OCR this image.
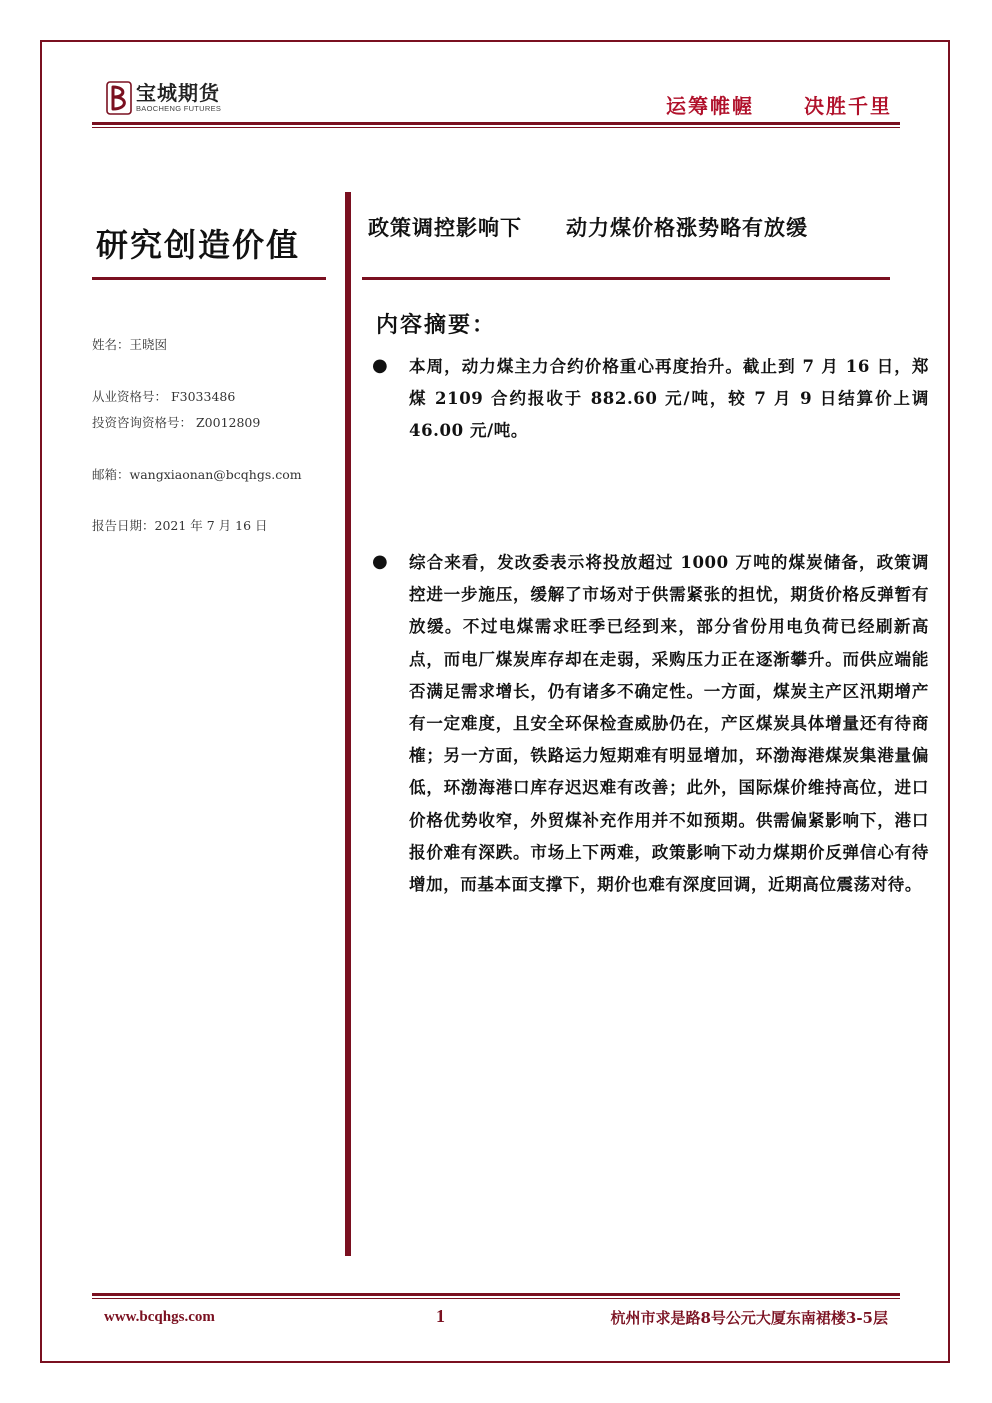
宝城期货
BAOCHENG FUTURES	运筹帷幄	决胜千里
研究创造价值
姓名：王晓囡
从业资格号： F3033486
投资咨询资格号： Z0012809
邮箱：wangxiaonan@bcqhgs.com
报告日期：2021 年 7 月 16 日
政策调控影响下 动力煤价格涨势略有放缓
内容摘要：
● 本周，动力煤主力合约价格重心再度抬升。截止到 7 月 16 日，郑煤 2109 合约报收于 882.60 元/吨，较 7 月 9 日结算价上调 46.00 元/吨。
● 综合来看，发改委表示将投放超过 1000 万吨的煤炭储备，政策调控进一步施压，缓解了市场对于供需紧张的担忧，期货价格反弹暂有放缓。不过电煤需求旺季已经到来，部分省份用电负荷已经刷新高点，而电厂煤炭库存却在走弱，采购压力正在逐渐攀升。而供应端能否满足需求增长，仍有诸多不确定性。一方面，煤炭主产区汛期增产有一定难度，且安全环保检查威胁仍在，产区煤炭具体增量还有待商榷；另一方面，铁路运力短期难有明显增加，环渤海港煤炭集港量偏低，环渤海港口库存迟迟难有改善；此外，国际煤价维持高位，进口价格优势收窄，外贸煤补充作用并不如预期。供需偏紧影响下，港口报价难有深跌。市场上下两难，政策影响下动力煤期价反弹信心有待增加，而基本面支撑下，期价也难有深度回调，近期高位震荡对待。
www.bcqhgs.com	1	杭州市求是路8号公元大厦东南裙楼3-5层
